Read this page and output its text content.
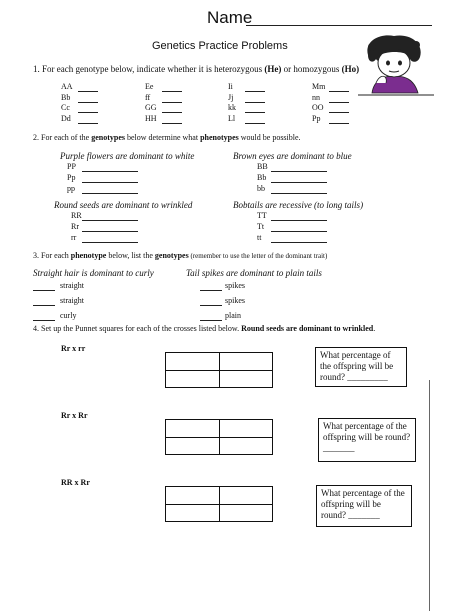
Name
Genetics Practice Problems
1. For each genotype below, indicate whether it is heterozygous (He) or homozygous (Ho)
AA
Bb
Cc
Dd
Ee
ff
GG
HH
Ii
Jj
kk
Ll
Mm
nn
OO
Pp
2. For each of the genotypes below determine what phenotypes would be possible.
Purple flowers are dominant to white
PP
Pp
pp
Brown eyes are dominant to blue
BB
Bb
bb
Round seeds are dominant to wrinkled
RR
Rr
rr
Bobtails are recessive (to long tails)
TT
Tt
tt
3. For each phenotype below, list the genotypes (remember to use the letter of the dominant trait)
Straight hair is dominant to curly	Tail spikes are dominant to plain tails
straight
straight
curly
spikes
spikes
plain
4. Set up the Punnet squares for each of the crosses listed below. Round seeds are dominant to wrinkled.
Rr x rr
What percentage of the offspring will be round? _________
Rr x Rr
What percentage of the offspring will be round? _______
RR x Rr
What percentage of the offspring will be round? _______
